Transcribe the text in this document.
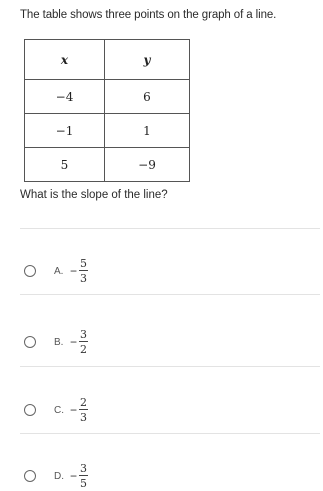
The table shows three points on the graph of a line.
x	y
−4	6
−1	1
5	−9
What is the slope of the line?
A. − $\frac{5}{3}$
B. − $\frac{3}{2}$
C. − $\frac{2}{3}$
D. − $\frac{3}{5}$
